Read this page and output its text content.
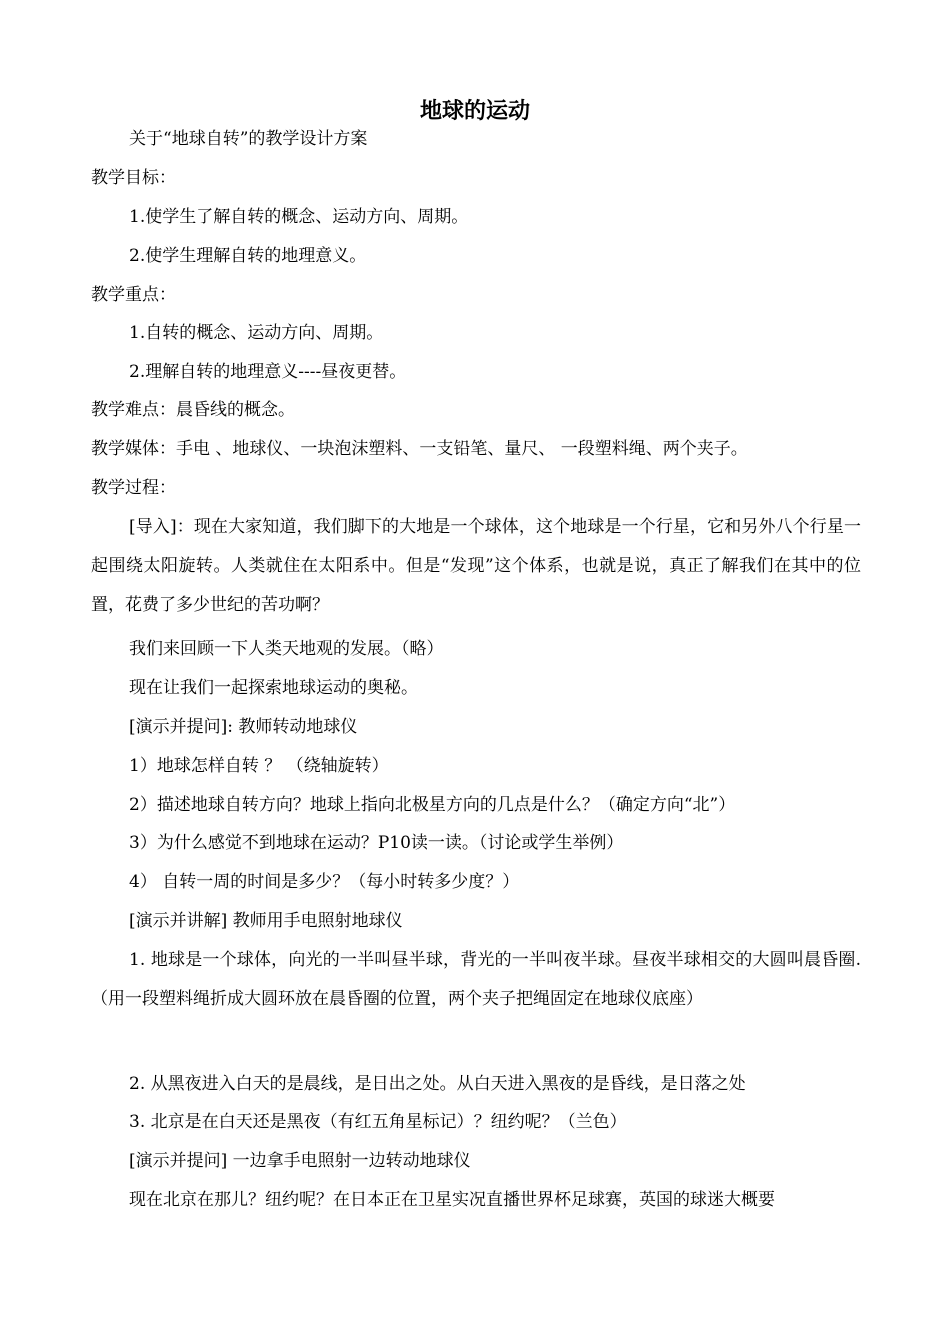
地球的运动
关于“地球自转”的教学设计方案
教学目标：
1.使学生了解自转的概念、运动方向、周期。
2.使学生理解自转的地理意义。
教学重点：
1.自转的概念、运动方向、周期。
2.理解自转的地理意义----昼夜更替。
教学难点：晨昏线的概念。
教学媒体：手电 、地球仪、一块泡沫塑料、一支铅笔、量尺、 一段塑料绳、两个夹子。
教学过程：
[导入]：现在大家知道，我们脚下的大地是一个球体，这个地球是一个行星，它和另外八个行星一起围绕太阳旋转。人类就住在太阳系中。但是“发现”这个体系，也就是说，真正了解我们在其中的位置，花费了多少世纪的苦功啊？
我们来回顾一下人类天地观的发展。（略）
现在让我们一起探索地球运动的奥秘。
[演示并提问]: 教师转动地球仪
1）地球怎样自转 ？ （绕轴旋转）
2）描述地球自转方向？地球上指向北极星方向的几点是什么？（确定方向“北”）
3）为什么感觉不到地球在运动？P10读一读。（讨论或学生举例）
4） 自转一周的时间是多少？（每小时转多少度？）
[演示并讲解] 教师用手电照射地球仪
1. 地球是一个球体，向光的一半叫昼半球，背光的一半叫夜半球。昼夜半球相交的大圆叫晨昏圈.（用一段塑料绳折成大圆环放在晨昏圈的位置，两个夹子把绳固定在地球仪底座）
2. 从黑夜进入白天的是晨线，是日出之处。从白天进入黑夜的是昏线，是日落之处
3. 北京是在白天还是黑夜（有红五角星标记）？纽约呢？（兰色）
[演示并提问] 一边拿手电照射一边转动地球仪
现在北京在那儿？纽约呢？在日本正在卫星实况直播世界杯足球赛，英国的球迷大概要
